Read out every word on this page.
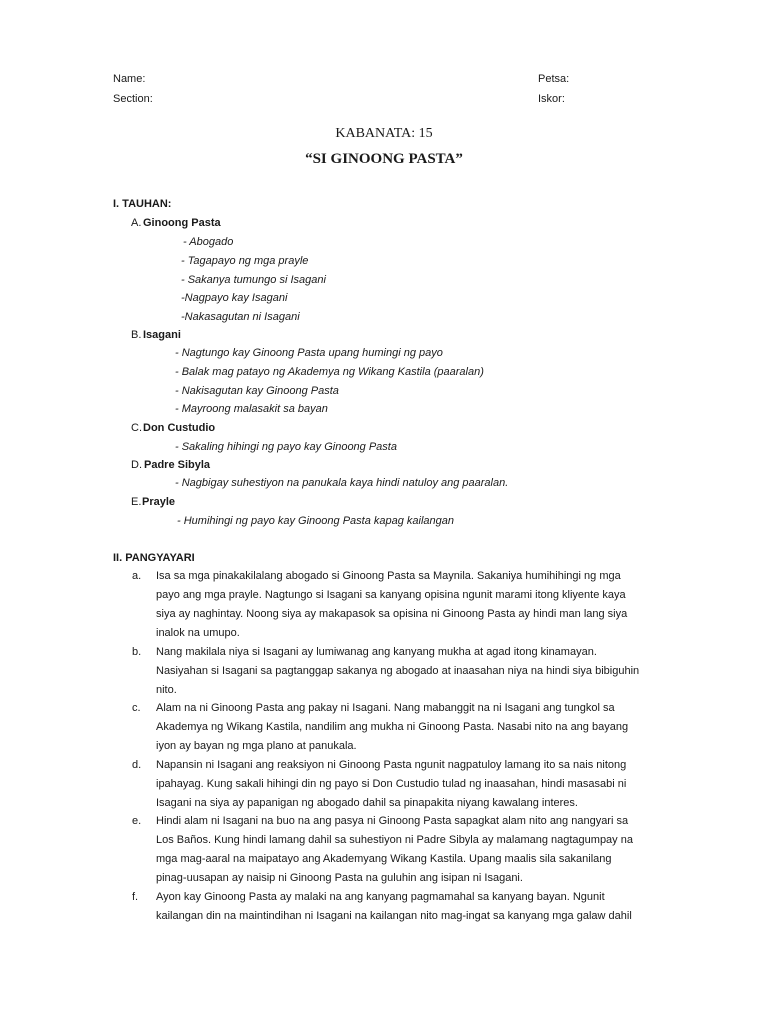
Name:	Petsa:
Section:	Iskor:
KABANATA: 15
“SI GINOONG PASTA”
I. TAUHAN:
A. Ginoong Pasta
- Abogado
- Tagapayo ng mga prayle
- Sakanya tumungo si Isagani
-Nagpayo kay Isagani
-Nakasagutan ni Isagani
B. Isagani
- Nagtungo kay Ginoong Pasta upang humingi ng payo
- Balak mag patayo ng Akademya ng Wikang Kastila (paaralan)
- Nakisagutan kay Ginoong Pasta
- Mayroong malasakit sa bayan
C. Don Custudio
- Sakaling hihingi ng payo kay Ginoong Pasta
D. Padre Sibyla
- Nagbigay suhestiyon na panukala kaya hindi natuloy ang paaralan.
E. Prayle
- Humihingi ng payo kay Ginoong Pasta kapag kailangan
II. PANGYAYARI
a. Isa sa mga pinakakilalang abogado si Ginoong Pasta sa Maynila. Sakaniya humihihingi ng mga
payo ang mga prayle. Nagtungo si Isagani sa kanyang opisina ngunit marami itong kliyente kaya
siya ay naghintay. Noong siya ay makapasok sa opisina ni Ginoong Pasta ay hindi man lang siya
inalok na umupo.
b. Nang makilala niya si Isagani ay lumiwanag ang kanyang mukha at agad itong kinamayan.
Nasiyahan si Isagani sa pagtanggap sakanya ng abogado at inaasahan niya na hindi siya bibiguhin
nito.
c. Alam na ni Ginoong Pasta ang pakay ni Isagani. Nang mabanggit na ni Isagani ang tungkol sa
Akademya ng Wikang Kastila, nandilim ang mukha ni Ginoong Pasta. Nasabi nito na ang bayang
iyon ay bayan ng mga plano at panukala.
d. Napansin ni Isagani ang reaksiyon ni Ginoong Pasta ngunit nagpatuloy lamang ito sa nais nitong
ipahayag. Kung sakali hihingi din ng payo si Don Custudio tulad ng inaasahan, hindi masasabi ni
Isagani na siya ay papanigan ng abogado dahil sa pinapakita niyang kawalang interes.
e. Hindi alam ni Isagani na buo na ang pasya ni Ginoong Pasta sapagkat alam nito ang nangyari sa
Los Baños. Kung hindi lamang dahil sa suhestiyon ni Padre Sibyla ay malamang nagtagumpay na
mga mag-aaral na maipatayo ang Akademyang Wikang Kastila. Upang maalis sila sakanilang
pinag-uusapan ay naisip ni Ginoong Pasta na guluhin ang isipan ni Isagani.
f. Ayon kay Ginoong Pasta ay malaki na ang kanyang pagmamahal sa kanyang bayan. Ngunit
kailangan din na maintindihan ni Isagani na kailangan nito mag-ingat sa kanyang mga galaw dahil
